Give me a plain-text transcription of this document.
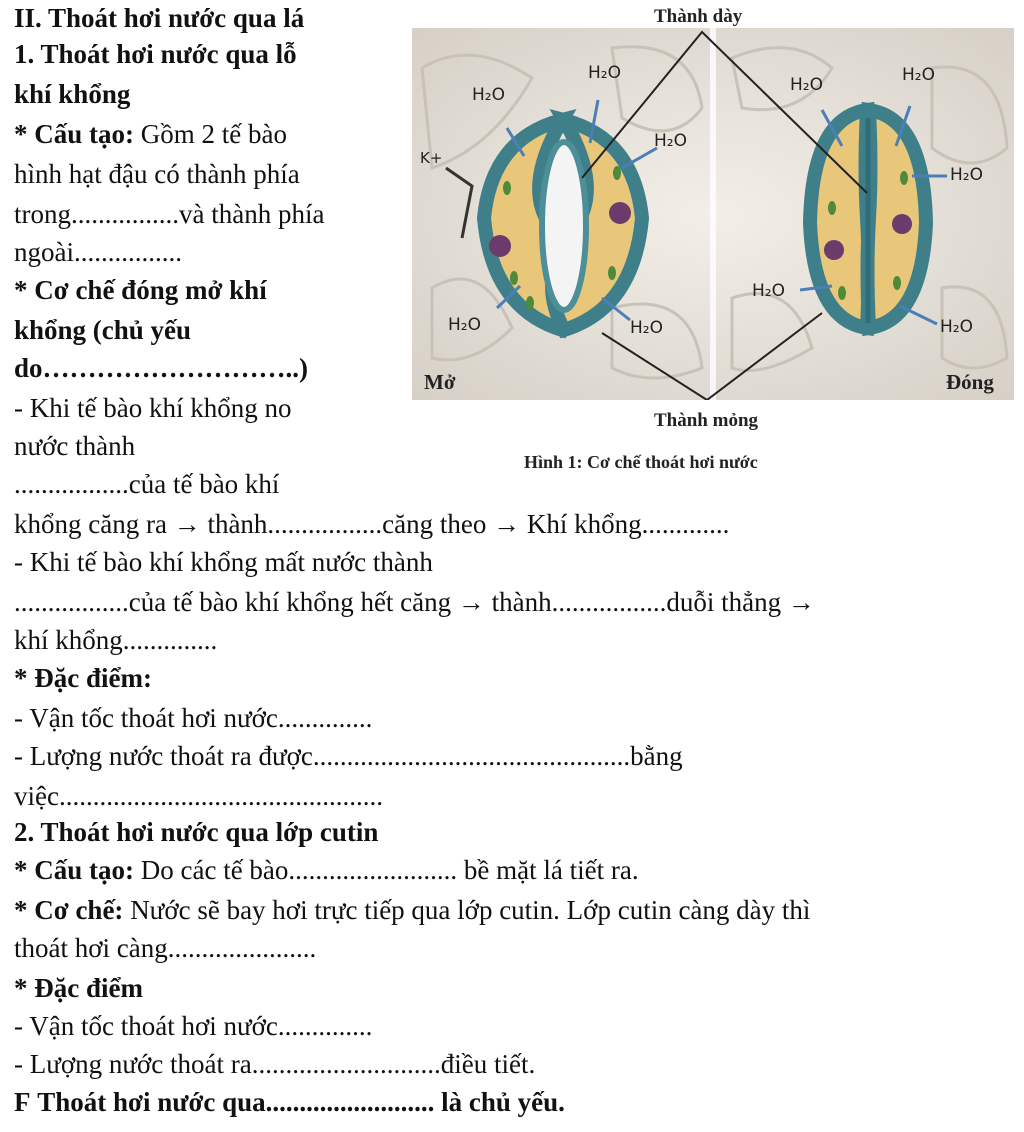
II. Thoát hơi nước qua lá
1. Thoát hơi nước qua lỗ
khí khổng
* Cấu tạo: Gồm 2 tế bào
hình hạt đậu có thành phía
trong................và thành phía
ngoài................
* Cơ chế đóng mở khí
khổng (chủ yếu
do………………………..)
- Khi tế bào khí khổng no
nước thành
.................của tế bào khí
khổng căng ra → thành.................căng theo → Khí khổng.............
- Khi tế bào khí khổng mất nước thành
.................của tế bào khí khổng hết căng → thành.................duỗi thẳng →
khí khổng..............
* Đặc điểm:
- Vận tốc thoát hơi nước..............
- Lượng nước thoát ra được...............................................bằng
việc................................................
2. Thoát hơi nước qua lớp cutin
* Cấu tạo: Do các tế bào......................... bề mặt lá tiết ra.
* Cơ chế: Nước sẽ bay hơi trực tiếp qua lớp cutin. Lớp cutin càng dày thì
thoát hơi càng......................
* Đặc điểm
- Vận tốc thoát hơi nước..............
- Lượng nước thoát ra............................điều tiết.
Ϝ Thoát hơi nước qua......................... là chủ yếu.
H₂O
H₂O
H₂O
H₂O	H₂O
H₂O	H₂O
H₂O
H₂O
H₂O
K+
Thành dày
Mở	Đóng
Thành mỏng
Hình 1: Cơ chế thoát hơi nước
